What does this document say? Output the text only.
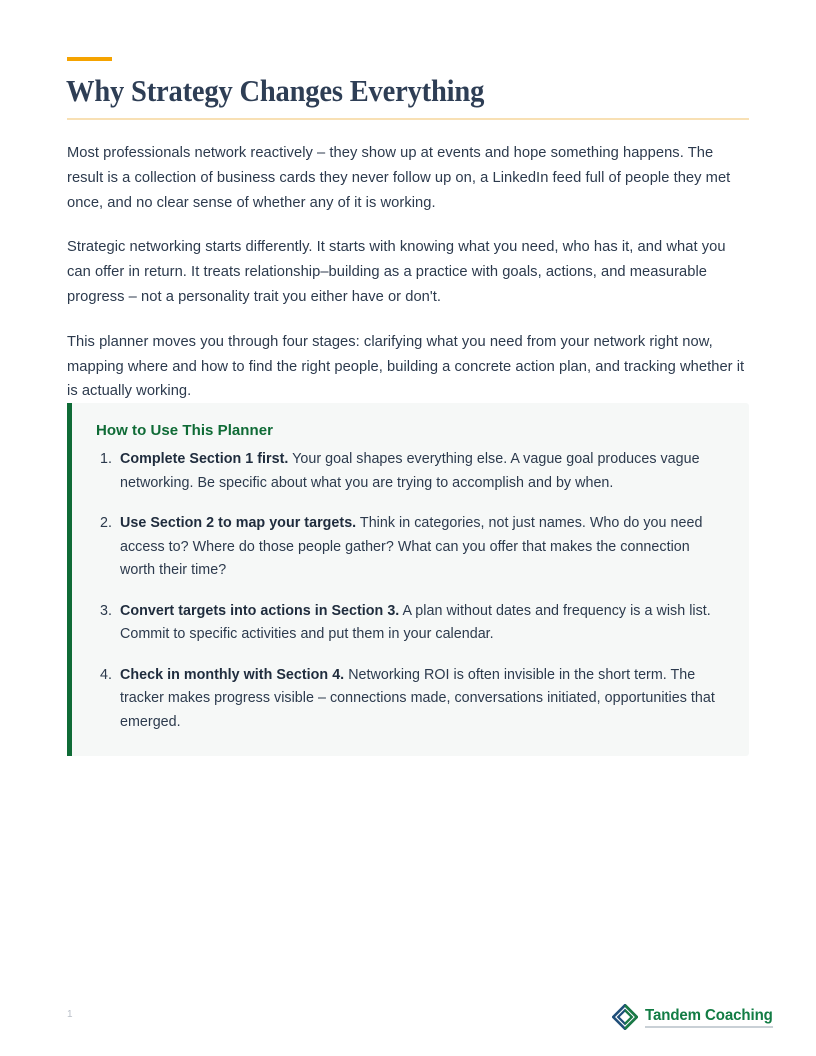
Why Strategy Changes Everything

Most professionals network reactively – they show up at events and hope something happens. The result is a collection of business cards they never follow up on, a LinkedIn feed full of people they met once, and no clear sense of whether any of it is working.

Strategic networking starts differently. It starts with knowing what you need, who has it, and what you can offer in return. It treats relationship–building as a practice with goals, actions, and measurable progress – not a personality trait you either have or don't.

This planner moves you through four stages: clarifying what you need from your network right now, mapping where and how to find the right people, building a concrete action plan, and tracking whether it is actually working.

How to Use This Planner
Complete Section 1 first. Your goal shapes everything else. A vague goal produces vague networking. Be specific about what you are trying to accomplish and by when.
Use Section 2 to map your targets. Think in categories, not just names. Who do you need access to? Where do those people gather? What can you offer that makes the connection worth their time?
Convert targets into actions in Section 3. A plan without dates and frequency is a wish list. Commit to specific activities and put them in your calendar.
Check in monthly with Section 4. Networking ROI is often invisible in the short term. The tracker makes progress visible – connections made, conversations initiated, opportunities that emerged.
1	Tandem Coaching
